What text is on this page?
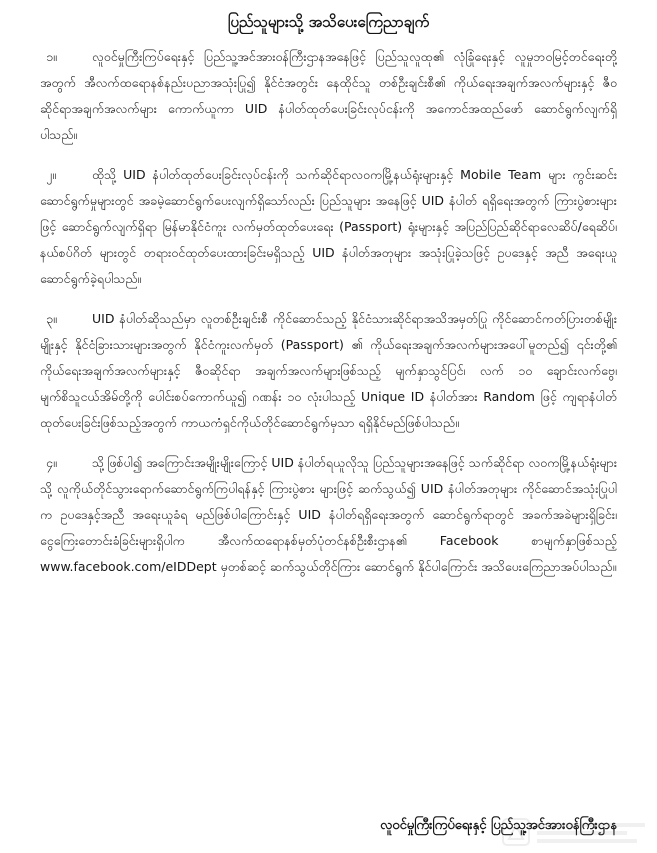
ပြည်သူများသို့ အသိပေးကြေညာချက်
၁။	လူဝင်မှုကြီးကြပ်ရေးနှင့် ပြည်သူ့အင်အားဝန်ကြီးဌာနအနေဖြင့် ပြည်သူလူထု၏ လုံခြုံရေးနှင့် လူမှုဘဝမြင့်တင်ရေးတို့အတွက် အီလက်ထရောနစ်နည်းပညာအသုံးပြု၍ နိုင်ငံအတွင်း နေထိုင်သူ တစ်ဦးချင်းစီ၏ ကိုယ်ရေးအချက်အလက်များနှင့် ဇီဝဆိုင်ရာအချက်အလက်များ ကောက်ယူကာ UID နံပါတ်ထုတ်ပေးခြင်းလုပ်ငန်းကို အကောင်အထည်ဖော် ဆောင်ရွက်လျက်ရှိပါသည်။
၂။	ထိုသို့ UID နံပါတ်ထုတ်ပေးခြင်းလုပ်ငန်းကို သက်ဆိုင်ရာလဝကမြို့နယ်ရုံးများနှင့် Mobile Team များ ကွင်းဆင်းဆောင်ရွက်မှုများတွင် အခမဲ့ဆောင်ရွက်ပေးလျက်ရှိသော်လည်း ပြည်သူများ အနေဖြင့် UID နံပါတ် ရရှိရေးအတွက် ကြားပွဲစားများဖြင့် ဆောင်ရွက်လျက်ရှိရာ မြန်မာနိုင်ငံကူး လက်မှတ်ထုတ်ပေးရေး (Passport) ရုံးများနှင့် အပြည်ပြည်ဆိုင်ရာလေဆိပ်/ရေဆိပ်၊ နယ်စပ်ဂိတ် များတွင် တရားဝင်ထုတ်ပေးထားခြင်းမရှိသည့် UID နံပါတ်အတုများ အသုံးပြုခဲ့သဖြင့် ဥပဒေနှင့် အညီ အရေးယူဆောင်ရွက်ခဲ့ရပါသည်။
၃။	UID နံပါတ်ဆိုသည်မှာ လူတစ်ဦးချင်းစီ ကိုင်ဆောင်သည့် နိုင်ငံသားဆိုင်ရာအသိအမှတ်ပြု ကိုင်ဆောင်ကတ်ပြားတစ်မျိုးမျိုးနှင့် နိုင်ငံခြားသားများအတွက် နိုင်ငံကူးလက်မှတ် (Passport) ၏ ကိုယ်ရေးအချက်အလက်များအပေါ်မူတည်၍ ၎င်းတို့၏ ကိုယ်ရေးအချက်အလက်များနှင့် ဇီဝဆိုင်ရာ အချက်အလက်များဖြစ်သည့် မျက်နှာသွင်ပြင်၊ လက် ၁၀ ချောင်းလက်ဗွေ၊ မျက်စိသူငယ်အိမ်တို့ကို ပေါင်းစပ်ကောက်ယူ၍ ဂဏန်း ၁၀ လုံးပါသည့် Unique ID နံပါတ်အား Random ဖြင့် ကျရာနံပါတ် ထုတ်ပေးခြင်းဖြစ်သည့်အတွက် ကာယကံရှင်ကိုယ်တိုင်ဆောင်ရွက်မှသာ ရရှိနိုင်မည်ဖြစ်ပါသည်။
၄။	သို့ဖြစ်ပါ၍ အကြောင်းအမျိုးမျိုးကြောင့် UID နံပါတ်ရယူလိုသူ ပြည်သူများအနေဖြင့် သက်ဆိုင်ရာ လဝကမြို့နယ်ရုံးများသို့ လူကိုယ်တိုင်သွားရောက်ဆောင်ရွက်ကြပါရန်နှင့် ကြားပွဲစား များဖြင့် ဆက်သွယ်၍ UID နံပါတ်အတုများ ကိုင်ဆောင်အသုံးပြုပါက ဥပဒေနှင့်အညီ အရေးယူခံရ မည်ဖြစ်ပါကြောင်းနှင့် UID နံပါတ်ရရှိရေးအတွက် ဆောင်ရွက်ရာတွင် အခက်အခဲများရှိခြင်း၊ ငွေကြေးတောင်းခံခြင်းများရှိပါက အီလက်ထရောနစ်မှတ်ပုံတင်နစ်ဦးစီးဌာန၏ Facebook စာမျက်နှာဖြစ်သည့် www.facebook.com/eIDDept မှတစ်ဆင့် ဆက်သွယ်တိုင်ကြား ဆောင်ရွက် နိုင်ပါကြောင်း အသိပေးကြေညာအပ်ပါသည်။
လူဝင်မှုကြီးကြပ်ရေးနှင့် ပြည်သူ့အင်အားဝန်ကြီးဌာန
